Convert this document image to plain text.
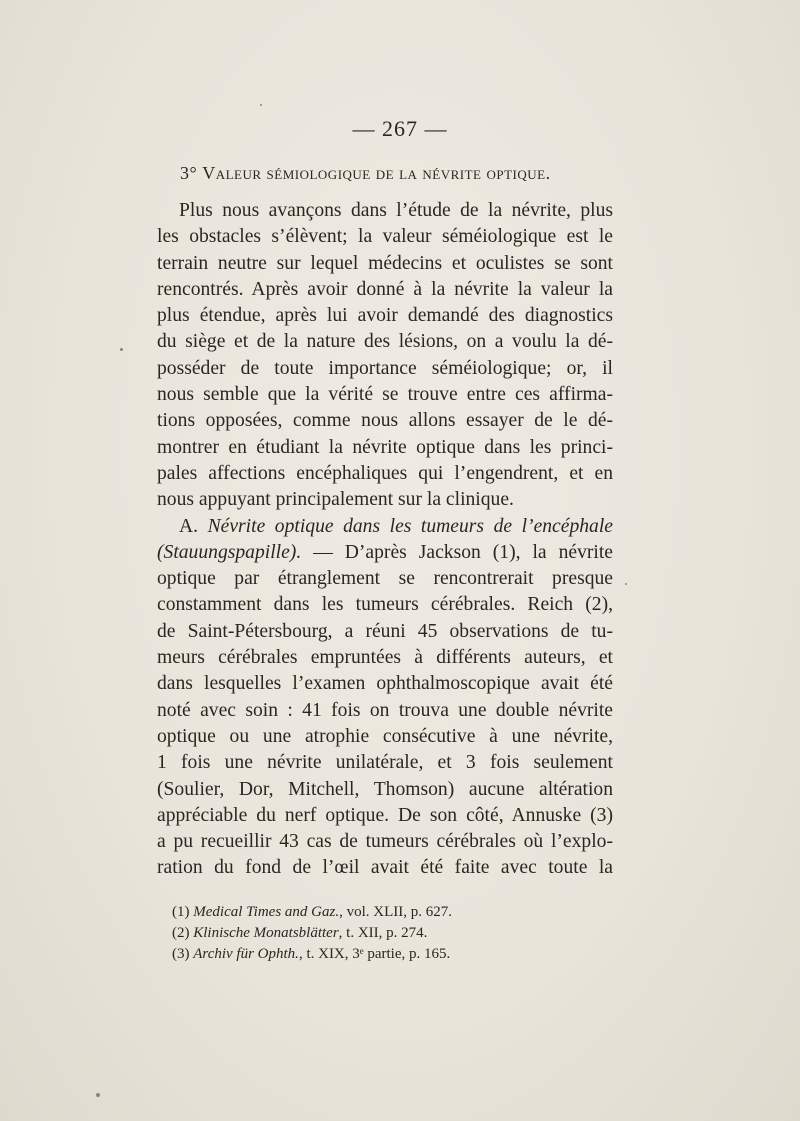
— 267 —
3° Valeur sémiologique de la névrite optique.
Plus nous avançons dans l’étude de la névrite, plus
les obstacles s’élèvent; la valeur séméiologique est le
terrain neutre sur lequel médecins et oculistes se sont
rencontrés. Après avoir donné à la névrite la valeur la
plus étendue, après lui avoir demandé des diagnostics
du siège et de la nature des lésions, on a voulu la dé-
posséder de toute importance séméiologique; or, il
nous semble que la vérité se trouve entre ces affirma-
tions opposées, comme nous allons essayer de le dé-
montrer en étudiant la névrite optique dans les princi-
pales affections encéphaliques qui l’engendrent, et en
nous appuyant principalement sur la clinique.
A. Névrite optique dans les tumeurs de l’encéphale
(Stauungspapille). — D’après Jackson (1), la névrite
optique par étranglement se rencontrerait presque
constamment dans les tumeurs cérébrales. Reich (2),
de Saint-Pétersbourg, a réuni 45 observations de tu-
meurs cérébrales empruntées à différents auteurs, et
dans lesquelles l’examen ophthalmoscopique avait été
noté avec soin : 41 fois on trouva une double névrite
optique ou une atrophie consécutive à une névrite,
1 fois une névrite unilatérale, et 3 fois seulement
(Soulier, Dor, Mitchell, Thomson) aucune altération
appréciable du nerf optique. De son côté, Annuske (3)
a pu recueillir 43 cas de tumeurs cérébrales où l’explo-
ration du fond de l’œil avait été faite avec toute la
(1) Medical Times and Gaz., vol. XLII, p. 627.
(2) Klinische Monatsblätter, t. XII, p. 274.
(3) Archiv für Ophth., t. XIX, 3ᵉ partie, p. 165.
